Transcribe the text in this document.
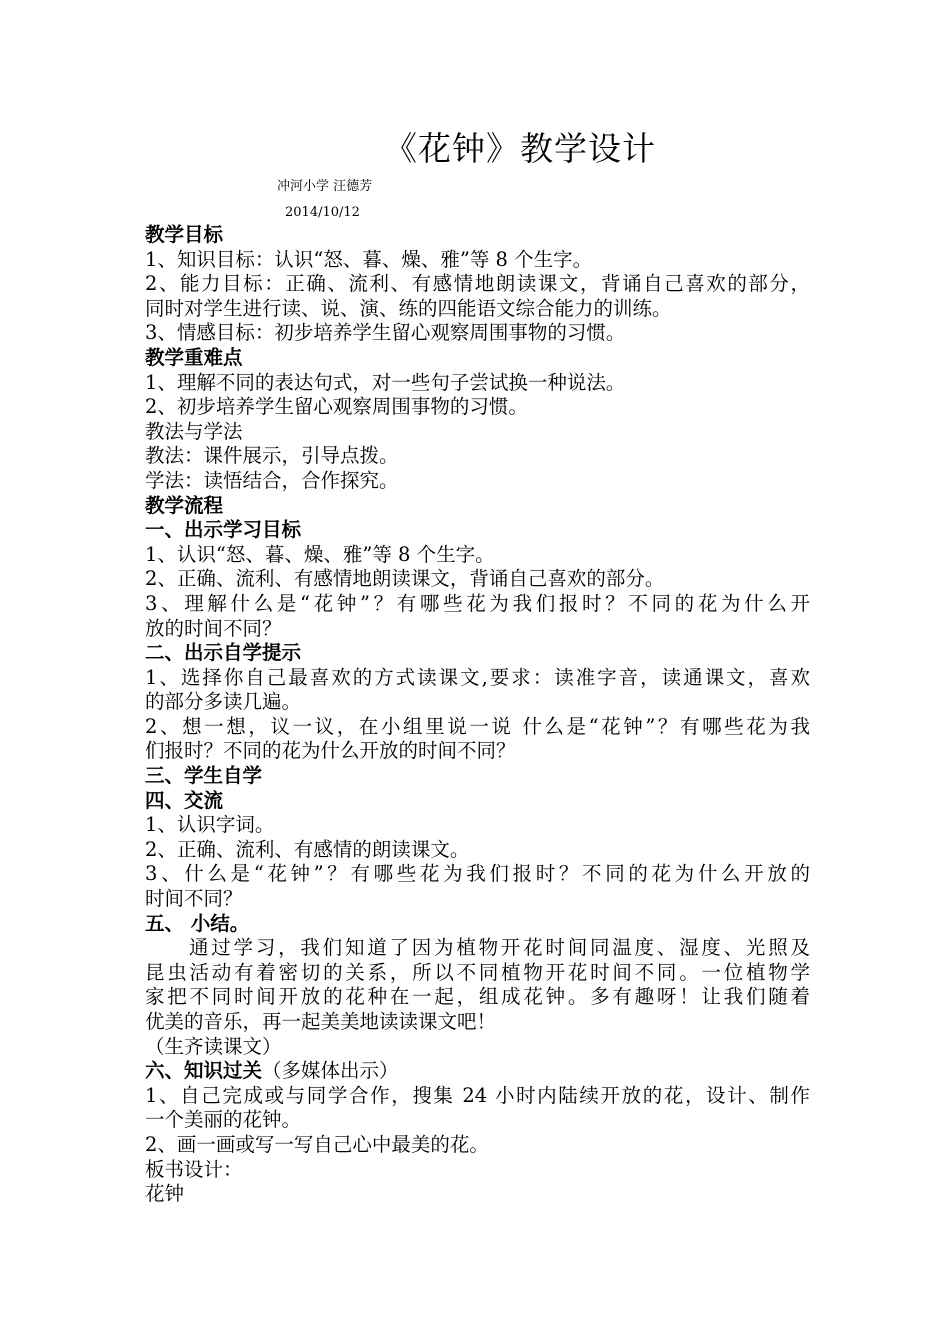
《花钟》教学设计
冲河小学 汪德芳
2014/10/12
教学目标
1、知识目标：认识“怒、暮、燥、雅”等 8 个生字。
2、能力目标：正确、流利、有感情地朗读课文，背诵自己喜欢的部分，
同时对学生进行读、说、演、练的四能语文综合能力的训练。
3、情感目标：初步培养学生留心观察周围事物的习惯。
教学重难点
1、理解不同的表达句式，对一些句子尝试换一种说法。
2、初步培养学生留心观察周围事物的习惯。
教法与学法
教法：课件展示，引导点拨。
学法：读悟结合，合作探究。
教学流程
一、出示学习目标
1、认识“怒、暮、燥、雅”等 8 个生字。
2、正确、流利、有感情地朗读课文，背诵自己喜欢的部分。
3、理解什么是“花钟”？有哪些花为我们报时？不同的花为什么开
放的时间不同？
二、出示自学提示
1、选择你自己最喜欢的方式读课文,要求：读准字音，读通课文，喜欢
的部分多读几遍。
2、想一想，议一议，在小组里说一说 什么是“花钟”？有哪些花为我
们报时？不同的花为什么开放的时间不同？
三、学生自学
四、交流
1、认识字词。
2、正确、流利、有感情的朗读课文。
3、什么是“花钟”？有哪些花为我们报时？不同的花为什么开放的
时间不同？
五、 小结。
通过学习，我们知道了因为植物开花时间同温度、湿度、光照及
昆虫活动有着密切的关系，所以不同植物开花时间不同。一位植物学
家把不同时间开放的花种在一起，组成花钟。多有趣呀！让我们随着
优美的音乐，再一起美美地读读课文吧！
（生齐读课文）
六、知识过关（多媒体出示）
1、自己完成或与同学合作，搜集 24 小时内陆续开放的花，设计、制作
一个美丽的花钟。
2、画一画或写一写自己心中最美的花。
板书设计：
花钟
